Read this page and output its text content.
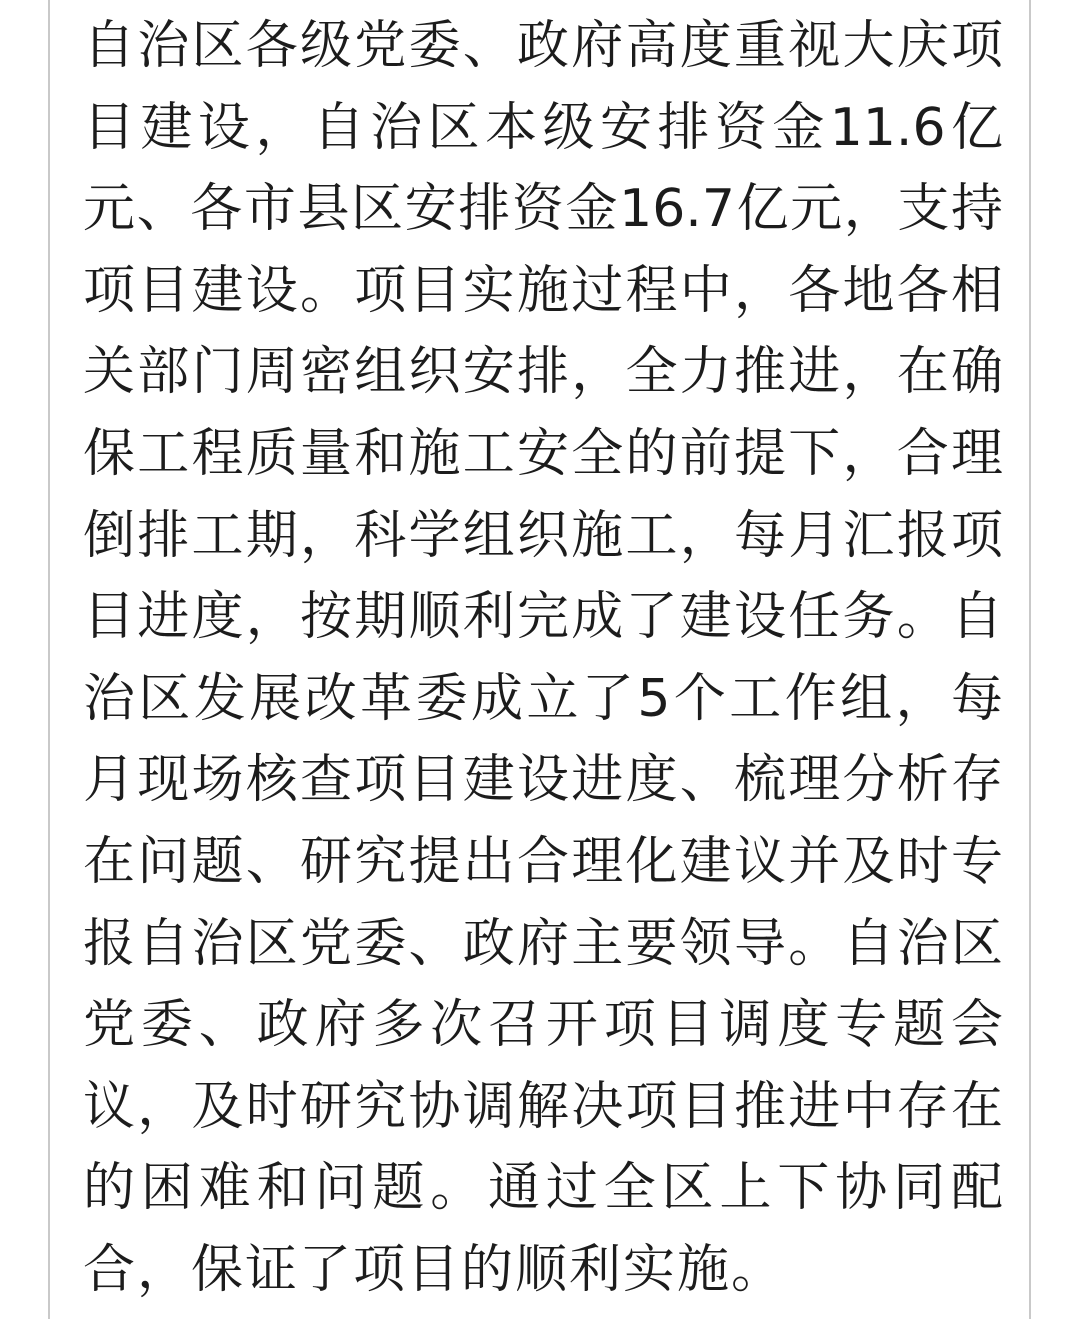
自治区各级党委、政府高度重视大庆项
目建设，自治区本级安排资金11.6亿
元、各市县区安排资金16.7亿元，支持
项目建设。项目实施过程中，各地各相
关部门周密组织安排，全力推进，在确
保工程质量和施工安全的前提下，合理
倒排工期，科学组织施工，每月汇报项
目进度，按期顺利完成了建设任务。自
治区发展改革委成立了5个工作组，每
月现场核查项目建设进度、梳理分析存
在问题、研究提出合理化建议并及时专
报自治区党委、政府主要领导。自治区
党委、政府多次召开项目调度专题会
议，及时研究协调解决项目推进中存在
的困难和问题。通过全区上下协同配
合，保证了项目的顺利实施。
